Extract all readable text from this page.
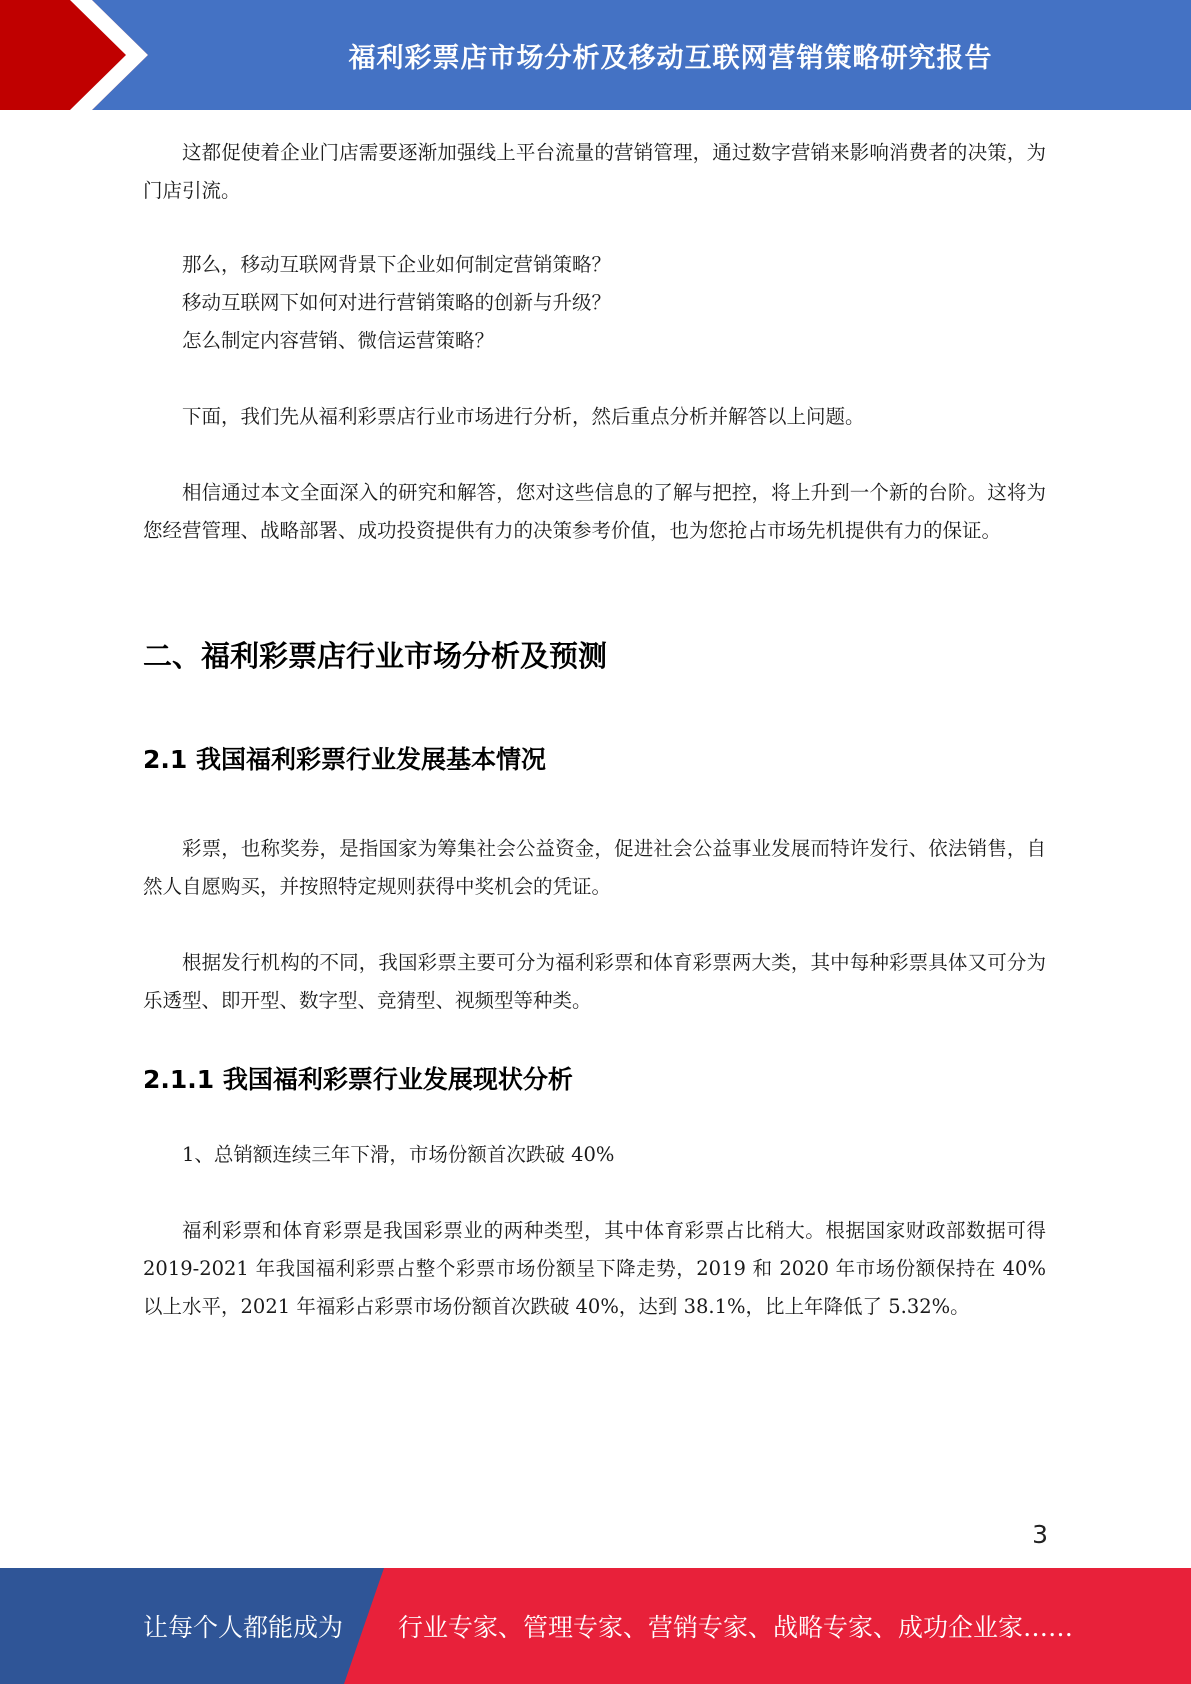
福利彩票店市场分析及移动互联网营销策略研究报告

这都促使着企业门店需要逐渐加强线上平台流量的营销管理，通过数字营销来影响消费者的决策，为门店引流。

那么，移动互联网背景下企业如何制定营销策略？

移动互联网下如何对进行营销策略的创新与升级？

怎么制定内容营销、微信运营策略？

下面，我们先从福利彩票店行业市场进行分析，然后重点分析并解答以上问题。

相信通过本文全面深入的研究和解答，您对这些信息的了解与把控，将上升到一个新的台阶。这将为您经营管理、战略部署、成功投资提供有力的决策参考价值，也为您抢占市场先机提供有力的保证。

二、福利彩票店行业市场分析及预测
2.1 我国福利彩票行业发展基本情况

彩票，也称奖券，是指国家为筹集社会公益资金，促进社会公益事业发展而特许发行、依法销售，自然人自愿购买，并按照特定规则获得中奖机会的凭证。

根据发行机构的不同，我国彩票主要可分为福利彩票和体育彩票两大类，其中每种彩票具体又可分为乐透型、即开型、数字型、竞猜型、视频型等种类。

2.1.1 我国福利彩票行业发展现状分析

1、总销额连续三年下滑，市场份额首次跌破 40%

福利彩票和体育彩票是我国彩票业的两种类型，其中体育彩票占比稍大。根据国家财政部数据可得 2019-2021 年我国福利彩票占整个彩票市场份额呈下降走势，2019 和 2020 年市场份额保持在 40%以上水平，2021 年福彩占彩票市场份额首次跌破 40%，达到 38.1%，比上年降低了 5.32%。

3
让每个人都能成为 行业专家、管理专家、营销专家、战略专家、成功企业家……
